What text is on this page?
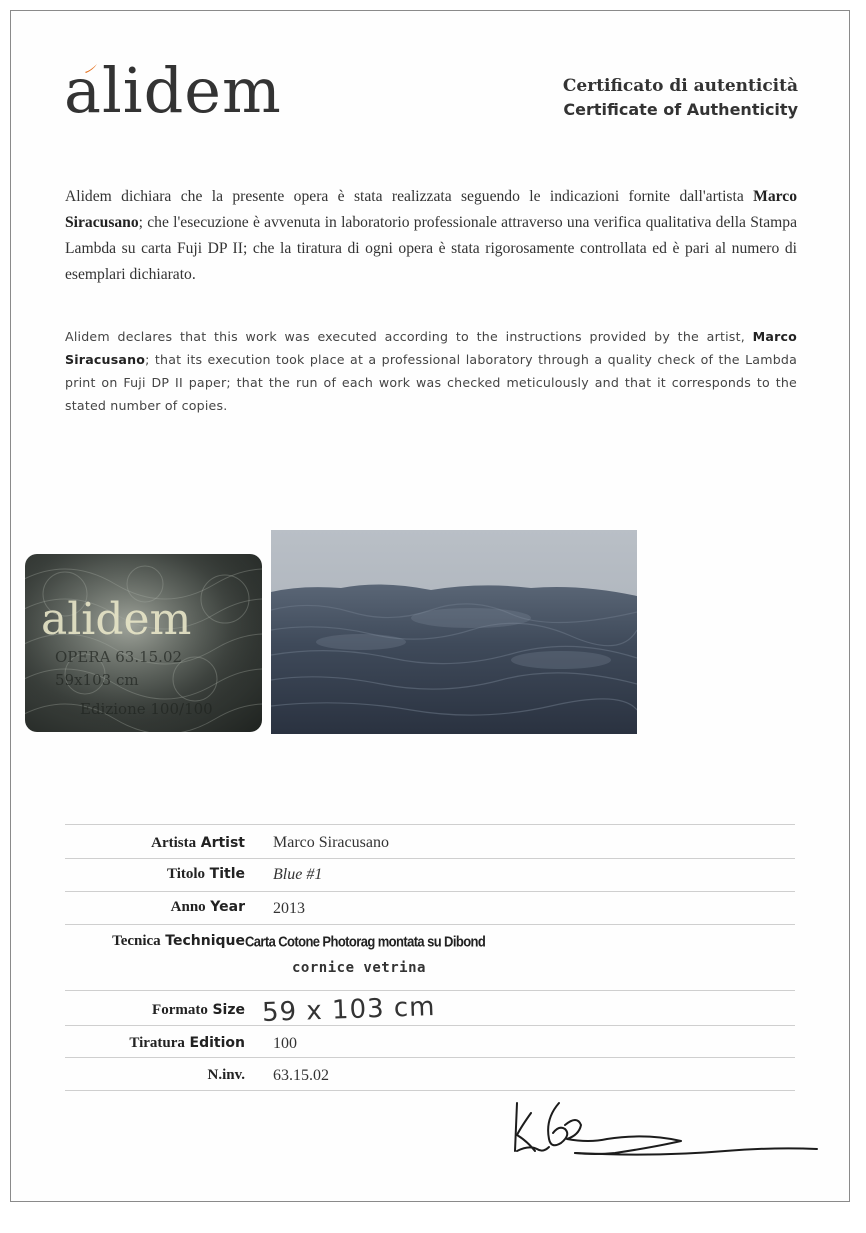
alidem	Certificato di autenticità
Certificate of Authenticity
Alidem dichiara che la presente opera è stata realizzata seguendo le indicazioni fornite dall'artista Marco Siracusano; che l'esecuzione è avvenuta in laboratorio professionale attraverso una verifica qualitativa della Stampa Lambda su carta Fuji DP II; che la tiratura di ogni opera è stata rigorosamente controllata ed è pari al numero di esemplari dichiarato.
Alidem declares that this work was executed according to the instructions provided by the artist, Marco Siracusano; that its execution took place at a professional laboratory through a quality check of the Lambda print on Fuji DP II paper; that the run of each work was checked meticulously and that it corresponds to the stated number of copies.
alidem
OPERA 63.15.02
59x103 cm
Edizione 100/100
Artista Artist Marco Siracusano
Titolo Title Blue #1
Anno Year 2013
Tecnica Technique
Formato Size
Tiratura Edition 100
N.inv. 63.15.02
Carta Cotone Photorag montata su Dibond
cornice vetrina
59 x 103 cm
